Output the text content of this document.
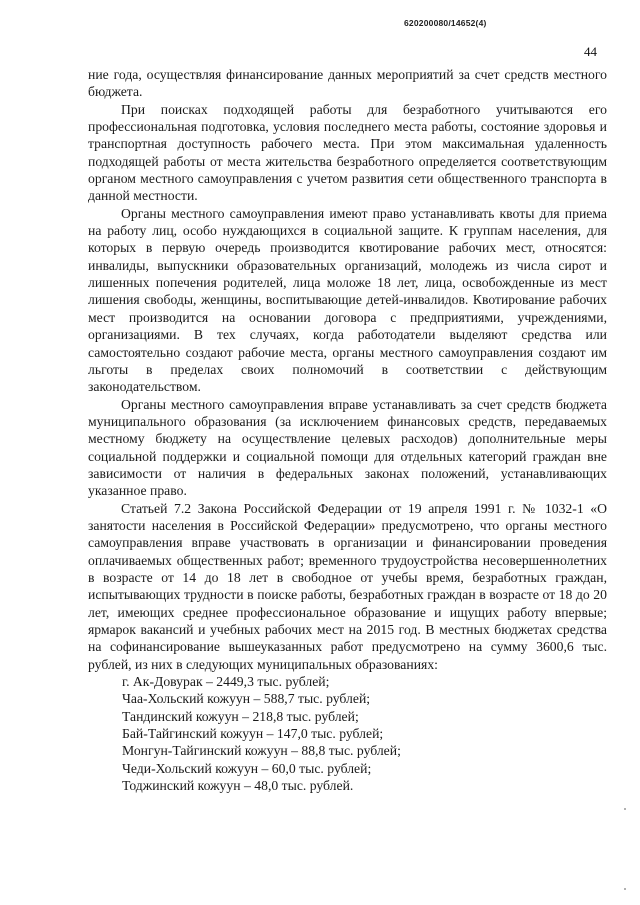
620200080/14652(4)
44

ние года, осуществляя финансирование данных мероприятий за счет средств местного бюджета.

При поисках подходящей работы для безработного учитываются его профессиональная подготовка, условия последнего места работы, состояние здоровья и транспортная доступность рабочего места. При этом максимальная удаленность подходящей работы от места жительства безработного определяется соответствующим органом местного самоуправления с учетом развития сети общественного транспорта в данной местности.

Органы местного самоуправления имеют право устанавливать квоты для приема на работу лиц, особо нуждающихся в социальной защите. К группам населения, для которых в первую очередь производится квотирование рабочих мест, относятся: инвалиды, выпускники образовательных организаций, молодежь из числа сирот и лишенных попечения родителей, лица моложе 18 лет, лица, освобожденные из мест лишения свободы, женщины, воспитывающие детей-инвалидов. Квотирование рабочих мест производится на основании договора с предприятиями, учреждениями, организациями. В тех случаях, когда работодатели выделяют средства или самостоятельно создают рабочие места, органы местного самоуправления создают им льготы в пределах своих полномочий в соответствии с действующим законодательством.

Органы местного самоуправления вправе устанавливать за счет средств бюджета муниципального образования (за исключением финансовых средств, передаваемых местному бюджету на осуществление целевых расходов) дополнительные меры социальной поддержки и социальной помощи для отдельных категорий граждан вне зависимости от наличия в федеральных законах положений, устанавливающих указанное право.

Статьей 7.2 Закона Российской Федерации от 19 апреля 1991 г. № 1032-1 «О занятости населения в Российской Федерации» предусмотрено, что органы местного самоуправления вправе участвовать в организации и финансировании проведения оплачиваемых общественных работ; временного трудоустройства несовершеннолетних в возрасте от 14 до 18 лет в свободное от учебы время, безработных граждан, испытывающих трудности в поиске работы, безработных граждан в возрасте от 18 до 20 лет, имеющих среднее профессиональное образование и ищущих работу впервые; ярмарок вакансий и учебных рабочих мест на 2015 год. В местных бюджетах средства на софинансирование вышеуказанных работ предусмотрено на сумму 3600,6 тыс. рублей, из них в следующих муниципальных образованиях:

г. Ак-Довурак – 2449,3 тыс. рублей;
Чаа-Хольский кожуун – 588,7 тыс. рублей;
Тандинский кожуун – 218,8 тыс. рублей;
Бай-Тайгинский кожуун – 147,0 тыс. рублей;
Монгун-Тайгинский кожуун – 88,8 тыс. рублей;
Чеди-Хольский кожуун – 60,0 тыс. рублей;
Тоджинский кожуун – 48,0 тыс. рублей.
